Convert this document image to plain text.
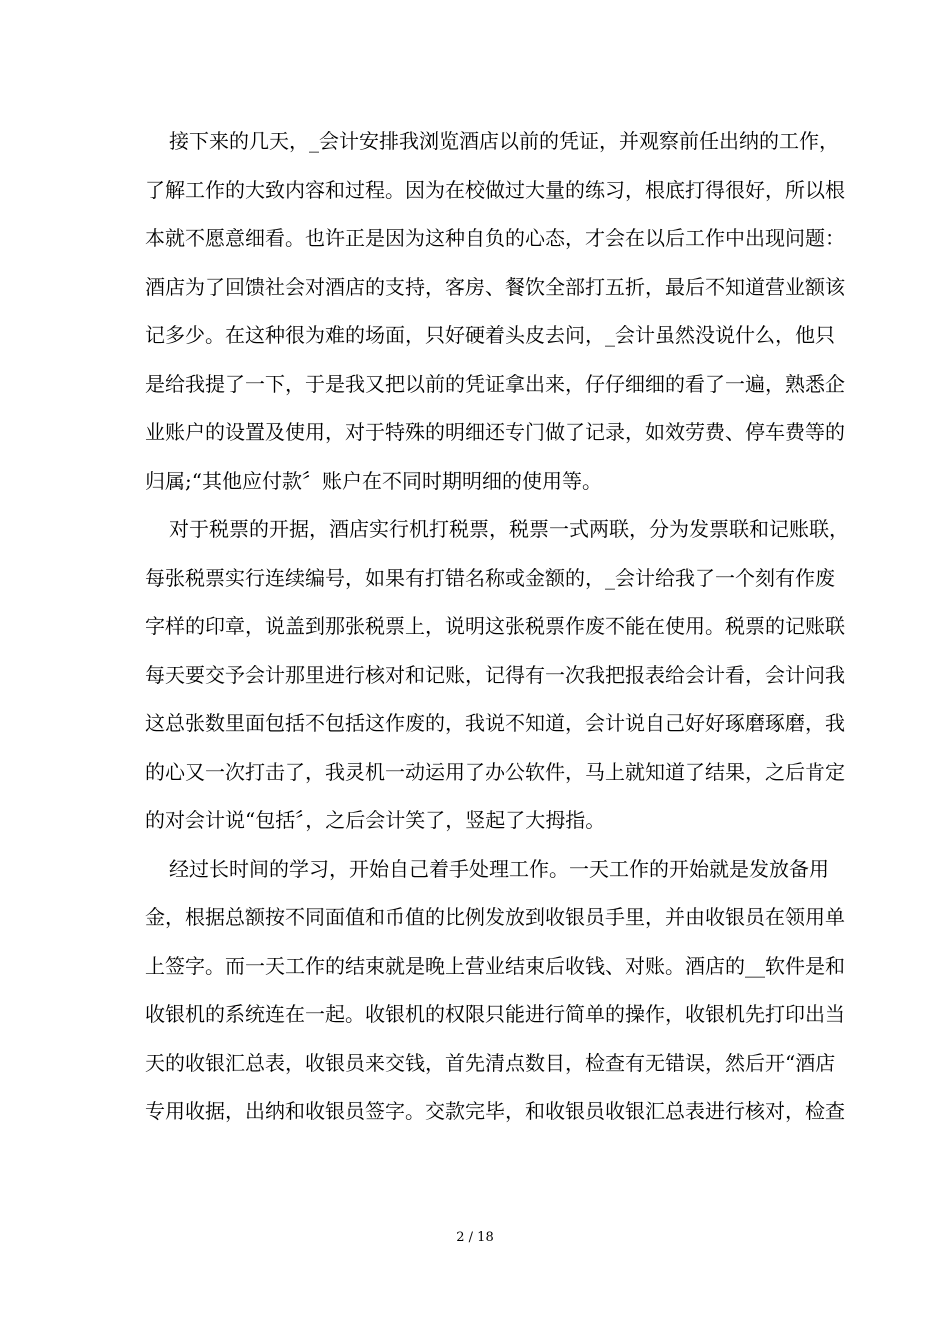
接下来的几天，_会计安排我浏览酒店以前的凭证，并观察前任出纳的工作，
了解工作的大致内容和过程。因为在校做过大量的练习，根底打得很好，所以根
本就不愿意细看。也许正是因为这种自负的心态，才会在以后工作中出现问题：
酒店为了回馈社会对酒店的支持，客房、餐饮全部打五折，最后不知道营业额该
记多少。在这种很为难的场面，只好硬着头皮去问，_会计虽然没说什么，他只
是给我提了一下，于是我又把以前的凭证拿出来，仔仔细细的看了一遍，熟悉企
业账户的设置及使用，对于特殊的明细还专门做了记录，如效劳费、停车费等的
归属;“其他应付款〞账户在不同时期明细的使用等。
对于税票的开据，酒店实行机打税票，税票一式两联，分为发票联和记账联，
每张税票实行连续编号，如果有打错名称或金额的，_会计给我了一个刻有作废
字样的印章，说盖到那张税票上，说明这张税票作废不能在使用。税票的记账联
每天要交予会计那里进行核对和记账，记得有一次我把报表给会计看，会计问我
这总张数里面包括不包括这作废的，我说不知道，会计说自己好好琢磨琢磨，我
的心又一次打击了，我灵机一动运用了办公软件，马上就知道了结果，之后肯定
的对会计说“包括〞，之后会计笑了，竖起了大拇指。
经过长时间的学习，开始自己着手处理工作。一天工作的开始就是发放备用
金，根据总额按不同面值和币值的比例发放到收银员手里，并由收银员在领用单
上签字。而一天工作的结束就是晚上营业结束后收钱、对账。酒店的__软件是和
收银机的系统连在一起。收银机的权限只能进行简单的操作，收银机先打印出当
天的收银汇总表，收银员来交钱，首先清点数目，检查有无错误，然后开“酒店
专用收据，出纳和收银员签字。交款完毕，和收银员收银汇总表进行核对，检查
2 / 18
